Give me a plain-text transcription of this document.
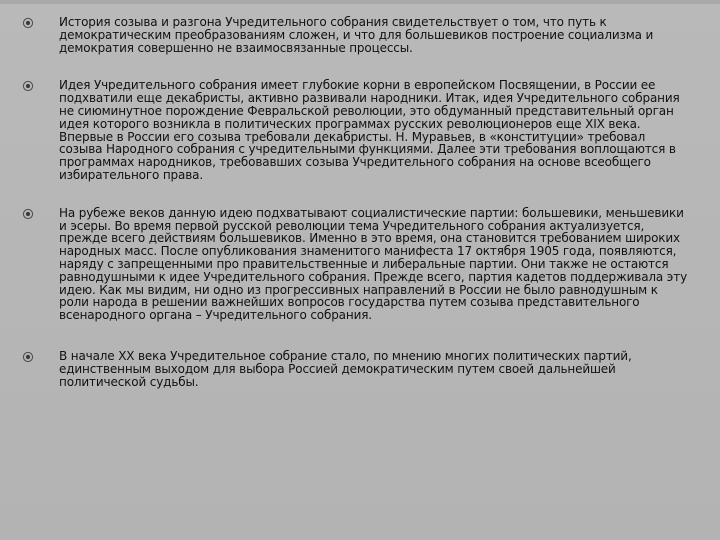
История созыва и разгона Учредительного собрания свидетельствует о том, что путь к демократическим преобразованиям сложен, и что для большевиков построение социализма и демократия совершенно не взаимосвязанные процессы.
Идея Учредительного собрания имеет глубокие корни в европейском Посвящении, в России ее подхватили еще декабристы, активно развивали народники. Итак, идея Учредительного собрания не сиюминутное порождение Февральской революции, это обдуманный представительный орган идея которого возникла в политических программах русских революционеров еще XIX века. Впервые в России его созыва требовали декабристы. Н. Муравьев, в «конституции» требовал созыва Народного собрания с учредительными функциями. Далее эти требования воплощаются в программах народников, требовавших созыва Учредительного собрания на основе всеобщего избирательного права.
На рубеже веков данную идею подхватывают социалистические партии: большевики, меньшевики и эсеры. Во время первой русской революции тема Учредительного собрания актуализуется, прежде всего действиям большевиков. Именно в это время, она становится требованием широких народных масс. После опубликования знаменитого манифеста 17 октября 1905 года, появляются, наряду с запрещенными про правительственные и либеральные партии. Они также не остаются равнодушными к идее Учредительного собрания. Прежде всего, партия кадетов поддерживала эту идею. Как мы видим, ни одно из прогрессивных направлений в России не было равнодушным к роли народа в решении важнейших вопросов государства путем созыва представительного всенародного органа – Учредительного собрания.
В начале XX века Учредительное собрание стало, по мнению многих политических партий, единственным выходом для выбора Россией демократическим путем своей дальнейшей политической судьбы.
